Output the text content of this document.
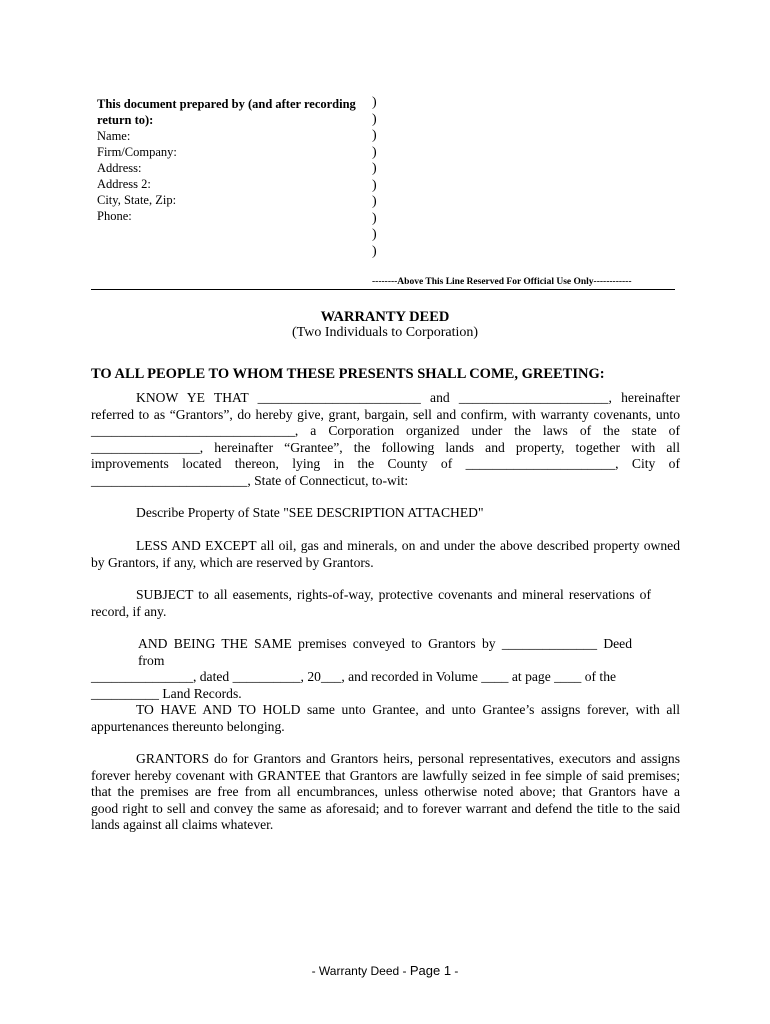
This document prepared by (and after recording
return to):
Name:
Firm/Company:
Address:
Address 2:
City, State, Zip:
Phone:
)
)
)
)
)
)
)
)
)
)
--------Above This Line Reserved For Official Use Only------------
WARRANTY DEED
(Two Individuals to Corporation)
TO ALL PEOPLE TO WHOM THESE PRESENTS SHALL COME, GREETING:
KNOW YE THAT ________________________ and ______________________, hereinafter
referred to as “Grantors”, do hereby give, grant, bargain, sell and confirm, with warranty covenants, unto
______________________________, a Corporation organized under the laws of the state of
________________, hereinafter “Grantee”, the following lands and property, together with all
improvements located thereon, lying in the County of ______________________, City of
_______________________, State of Connecticut, to-wit:
Describe Property of State "SEE DESCRIPTION ATTACHED"
LESS AND EXCEPT all oil, gas and minerals, on and under the above described property owned
by Grantors, if any, which are reserved by Grantors.
SUBJECT to all easements, rights-of-way, protective covenants and mineral reservations of
record, if any.
AND BEING THE SAME premises conveyed to Grantors by ______________ Deed from
_______________, dated __________, 20___, and recorded in Volume ____ at page ____ of the
__________ Land Records.
TO HAVE AND TO HOLD same unto Grantee, and unto Grantee’s assigns forever, with all
appurtenances thereunto belonging.
GRANTORS do for Grantors and Grantors heirs, personal representatives, executors and assigns
forever hereby covenant with GRANTEE that Grantors are lawfully seized in fee simple of said premises;
that the premises are free from all encumbrances, unless otherwise noted above; that Grantors have a
good right to sell and convey the same as aforesaid; and to forever warrant and defend the title to the said
lands against all claims whatever.
- Warranty Deed - Page 1 -
